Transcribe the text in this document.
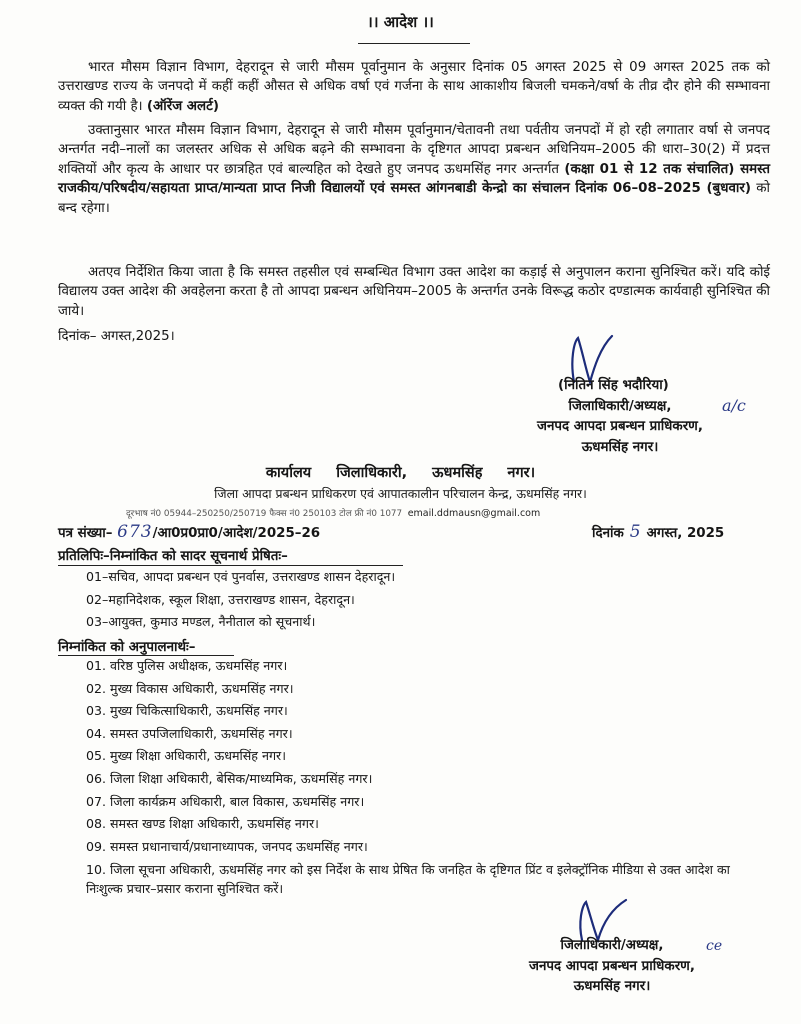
।। आदेश ।।
भारत मौसम विज्ञान विभाग, देहरादून से जारी मौसम पूर्वानुमान के अनुसार दिनांक 05 अगस्त 2025 से 09 अगस्त 2025 तक को उत्तराखण्ड राज्य के जनपदो में कहीं कहीं औसत से अधिक वर्षा एवं गर्जना के साथ आकाशीय बिजली चमकने/वर्षा के तीव्र दौर होने की सम्भावना व्यक्त की गयी है। (ऑरेंज अलर्ट)
उक्तानुसार भारत मौसम विज्ञान विभाग, देहरादून से जारी मौसम पूर्वानुमान/चेतावनी तथा पर्वतीय जनपदों में हो रही लगातार वर्षा से जनपद अन्तर्गत नदी–नालों का जलस्तर अधिक से अधिक बढ़ने की सम्भावना के दृष्टिगत आपदा प्रबन्धन अधिनियम–2005 की धारा–30(2) में प्रदत्त शक्तियों और कृत्य के आधार पर छात्रहित एवं बाल्यहित को देखते हुए जनपद ऊधमसिंह नगर अन्तर्गत (कक्षा 01 से 12 तक संचालित) समस्त राजकीय/परिषदीय/सहायता प्राप्त/मान्यता प्राप्त निजी विद्यालयों एवं समस्त आंगनबाडी केन्द्रो का संचालन दिनांक 06–08–2025 (बुधवार) को बन्द रहेगा।
अतएव निर्देशित किया जाता है कि समस्त तहसील एवं सम्बन्धित विभाग उक्त आदेश का कड़ाई से अनुपालन कराना सुनिश्चित करें। यदि कोई विद्यालय उक्त आदेश की अवहेलना करता है तो आपदा प्रबन्धन अधिनियम–2005 के अन्तर्गत उनके विरूद्ध कठोर दण्डात्मक कार्यवाही सुनिश्चित की जाये।
दिनांक– अगस्त,2025।
a/c
(नितिन सिंह भदौरिया)
जिलाधिकारी/अध्यक्ष,
जनपद आपदा प्रबन्धन प्राधिकरण,
ऊधमसिंह नगर।
कार्यालय जिलाधिकारी, ऊधमसिंह नगर।
जिला आपदा प्रबन्धन प्राधिकरण एवं आपातकालीन परिचालन केन्द्र, ऊधमसिंह नगर।
दूरभाष नं0 05944–250250/250719 फैक्स नं0 250103 टोल फ्री नं0 1077 email.ddmausn@gmail.com
पत्र संख्या– 673/आ0प्र0प्रा0/आदेश/2025–26	दिनांक 5 अगस्त, 2025
प्रतिलिपिः–निम्नांकित को सादर सूचनार्थ प्रेषितः–
01–सचिव, आपदा प्रबन्धन एवं पुनर्वास, उत्तराखण्ड शासन देहरादून।
02–महानिदेशक, स्कूल शिक्षा, उत्तराखण्ड शासन, देहरादून।
03–आयुक्त, कुमाउ मण्डल, नैनीताल को सूचनार्थ।
निम्नांकित को अनुपालनार्थः–
01. वरिष्ठ पुलिस अधीक्षक, ऊधमसिंह नगर।
02. मुख्य विकास अधिकारी, ऊधमसिंह नगर।
03. मुख्य चिकित्साधिकारी, ऊधमसिंह नगर।
04. समस्त उपजिलाधिकारी, ऊधमसिंह नगर।
05. मुख्य शिक्षा अधिकारी, ऊधमसिंह नगर।
06. जिला शिक्षा अधिकारी, बेसिक/माध्यमिक, ऊधमसिंह नगर।
07. जिला कार्यक्रम अधिकारी, बाल विकास, ऊधमसिंह नगर।
08. समस्त खण्ड शिक्षा अधिकारी, ऊधमसिंह नगर।
09. समस्त प्रधानाचार्य/प्रधानाध्यापक, जनपद ऊधमसिंह नगर।
10. जिला सूचना अधिकारी, ऊधमसिंह नगर को इस निर्देश के साथ प्रेषित कि जनहित के दृष्टिगत प्रिंट व इलेक्ट्रॉनिक मीडिया से उक्त आदेश का निःशुल्क प्रचार–प्रसार कराना सुनिश्चित करें।
ce
जिलाधिकारी/अध्यक्ष,
जनपद आपदा प्रबन्धन प्राधिकरण,
ऊधमसिंह नगर।
